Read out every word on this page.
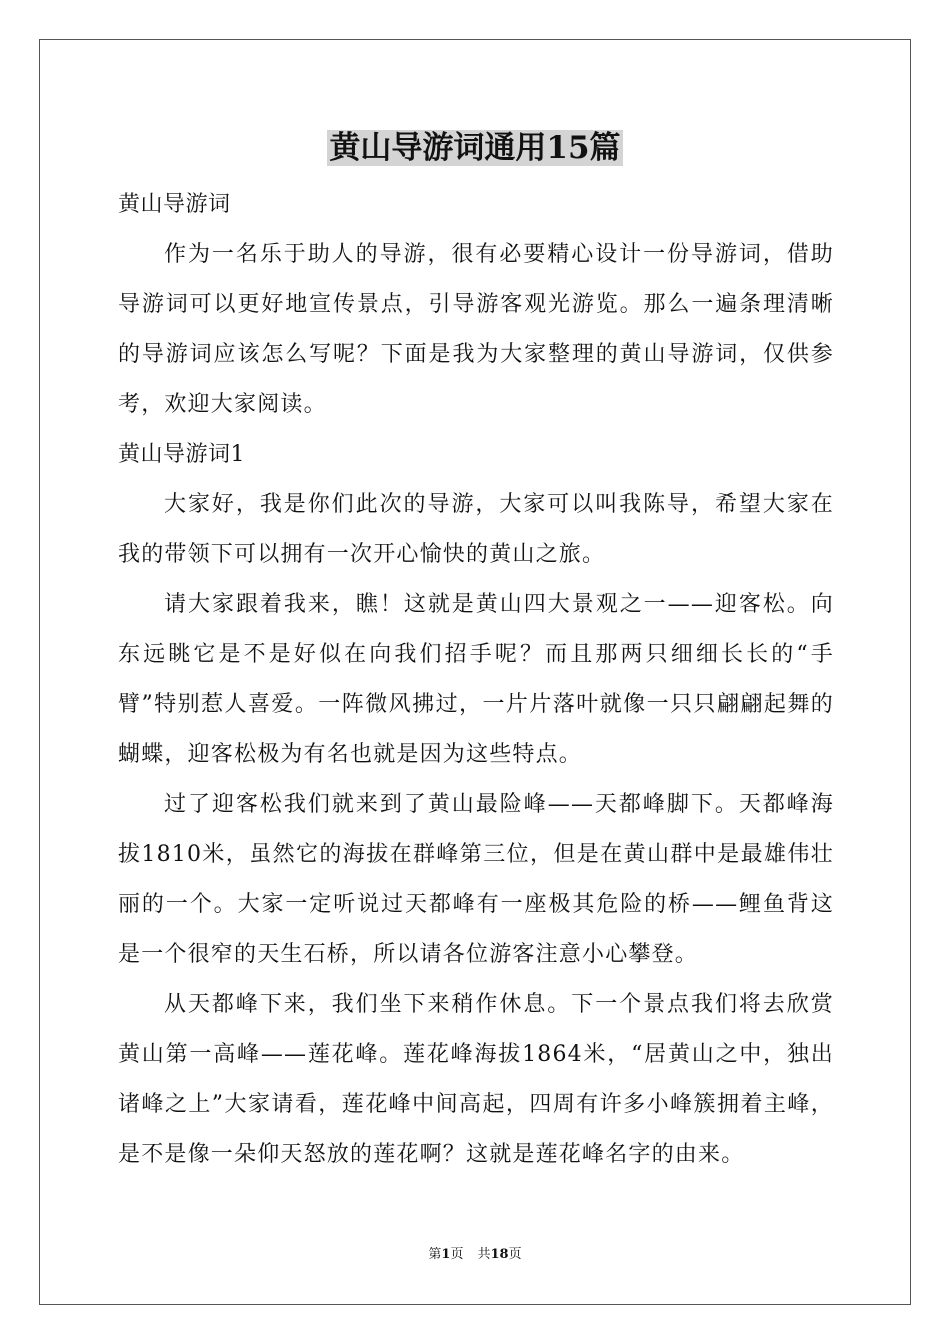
黄山导游词通用15篇

黄山导游词

作为一名乐于助人的导游，很有必要精心设计一份导游词，借助导游词可以更好地宣传景点，引导游客观光游览。那么一遍条理清晰的导游词应该怎么写呢？下面是我为大家整理的黄山导游词，仅供参考，欢迎大家阅读。

黄山导游词1

大家好，我是你们此次的导游，大家可以叫我陈导，希望大家在我的带领下可以拥有一次开心愉快的黄山之旅。

请大家跟着我来，瞧！这就是黄山四大景观之一——迎客松。向东远眺它是不是好似在向我们招手呢？而且那两只细细长长的“手臂”特别惹人喜爱。一阵微风拂过，一片片落叶就像一只只翩翩起舞的蝴蝶，迎客松极为有名也就是因为这些特点。

过了迎客松我们就来到了黄山最险峰——天都峰脚下。天都峰海拔1810米，虽然它的海拔在群峰第三位，但是在黄山群中是最雄伟壮丽的一个。大家一定听说过天都峰有一座极其危险的桥——鲤鱼背这是一个很窄的天生石桥，所以请各位游客注意小心攀登。

从天都峰下来，我们坐下来稍作休息。下一个景点我们将去欣赏黄山第一高峰——莲花峰。莲花峰海拔1864米，“居黄山之中，独出诸峰之上”大家请看，莲花峰中间高起，四周有许多小峰簇拥着主峰，是不是像一朵仰天怒放的莲花啊？这就是莲花峰名字的由来。

第1页 共18页
